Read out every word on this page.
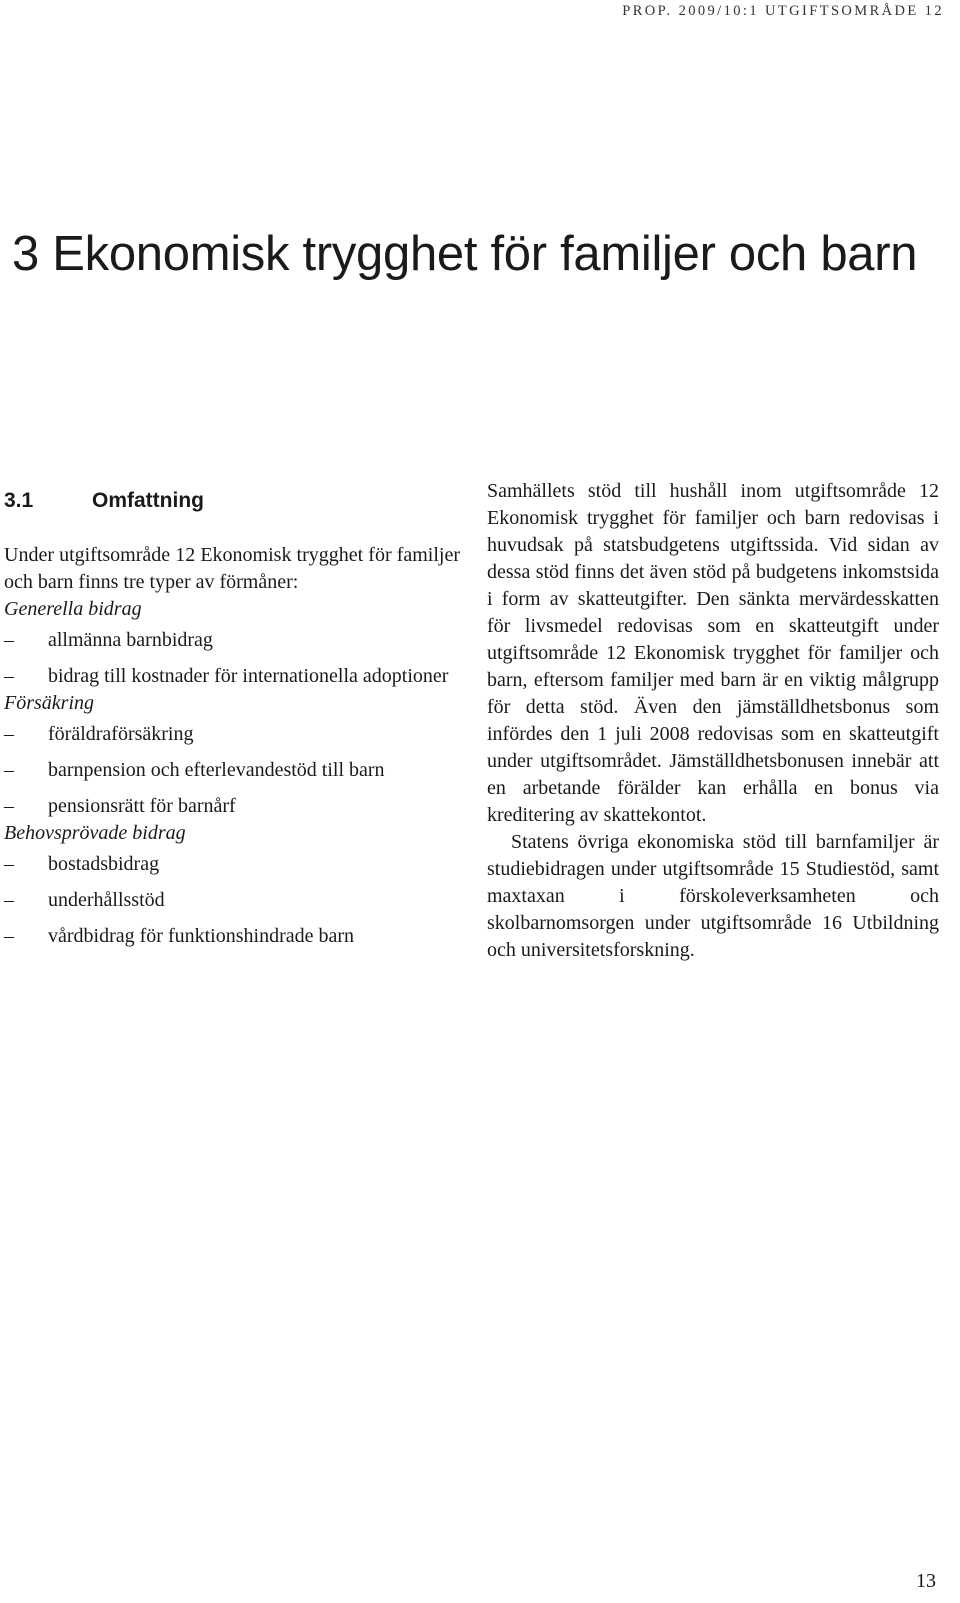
PROP. 2009/10:1 UTGIFTSOMRÅDE 12
3 Ekonomisk trygghet för familjer och barn
3.1	Omfattning

Under utgiftsområde 12 Ekonomisk trygghet för familjer och barn finns tre typer av förmåner:

Generella bidrag

– allmänna barnbidrag

– bidrag till kostnader för internationella adoptioner

Försäkring

– föräldraförsäkring

– barnpension och efterlevandestöd till barn

– pensionsrätt för barnårf

Behovsprövade bidrag

– bostadsbidrag

– underhållsstöd

– vårdbidrag för funktionshindrade barn

Samhällets stöd till hushåll inom utgiftsområde 12 Ekonomisk trygghet för familjer och barn redovisas i huvudsak på statsbudgetens utgiftssida. Vid sidan av dessa stöd finns det även stöd på budgetens inkomstsida i form av skatteutgifter. Den sänkta mervärdesskatten för livsmedel redovisas som en skatteutgift under utgiftsområde 12 Ekonomisk trygghet för familjer och barn, eftersom familjer med barn är en viktig målgrupp för detta stöd. Även den jämställdhetsbonus som infördes den 1 juli 2008 redovisas som en skatteutgift under utgiftsområdet. Jämställdhetsbonusen innebär att en arbetande förälder kan erhålla en bonus via kreditering av skattekontot.

Statens övriga ekonomiska stöd till barnfamiljer är studiebidragen under utgiftsområde 15 Studiestöd, samt maxtaxan i förskoleverksamheten och skolbarnomsorgen under utgiftsområde 16 Utbildning och universitetsforskning.

13
